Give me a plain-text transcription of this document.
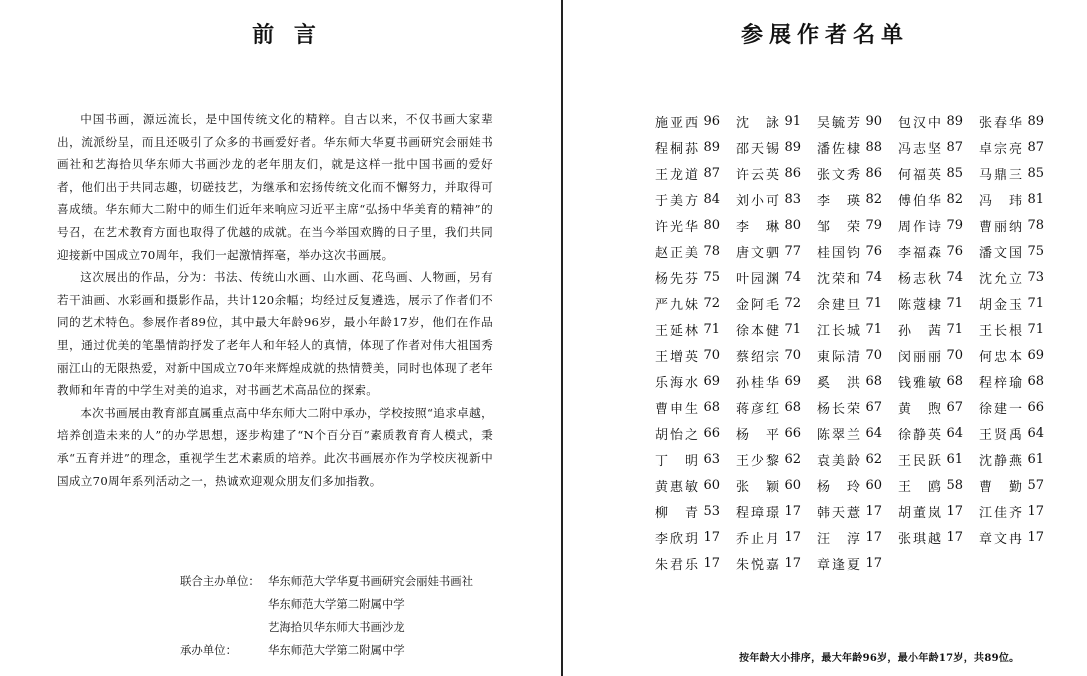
前 言

中国书画，源远流长，是中国传统文化的精粹。自古以来，不仅书画大家辈出，流派纷呈，而且还吸引了众多的书画爱好者。华东师大华夏书画研究会丽娃书画社和艺海拾贝华东师大书画沙龙的老年朋友们，就是这样一批中国书画的爱好者，他们出于共同志趣，切磋技艺，为继承和宏扬传统文化而不懈努力，并取得可喜成绩。华东师大二附中的师生们近年来响应习近平主席“弘扬中华美育的精神”的号召，在艺术教育方面也取得了优越的成就。在当今举国欢腾的日子里，我们共同迎接新中国成立70周年，我们一起激情挥毫，举办这次书画展。

这次展出的作品，分为：书法、传统山水画、山水画、花鸟画、人物画，另有若干油画、水彩画和摄影作品，共计120余幅；均经过反复遴选，展示了作者们不同的艺术特色。参展作者89位，其中最大年龄96岁，最小年龄17岁，他们在作品里，通过优美的笔墨情韵抒发了老年人和年轻人的真情，体现了作者对伟大祖国秀丽江山的无限热爱，对新中国成立70年来辉煌成就的热情赞美，同时也体现了老年教师和年青的中学生对美的追求，对书画艺术高品位的探索。

本次书画展由教育部直属重点高中华东师大二附中承办，学校按照“追求卓越，培养创造未来的人”的办学思想，逐步构建了“N个百分百”素质教育育人模式，秉承“五育并进”的理念，重视学生艺术素质的培养。此次书画展亦作为学校庆视新中国成立70周年系列活动之一，热诚欢迎观众朋友们多加指教。

联合主办单位： 华东师范大学华夏书画研究会丽娃书画社
华东师范大学第二附属中学
艺海拾贝华东师大书画沙龙
承办单位：	华东师范大学第二附属中学
参展作者名单
施亚西 96 沈　詠 91 吴毓芳 90 包汉中 89 张春华 89
程桐荪 89 邵天锡 89 潘佐棣 88 冯志坚 87 卓宗亮 87
王龙道 87 许云英 86 张文秀 86 何福英 85 马鼎三 85
于美方 84 刘小可 83 李　瑛 82 傅伯华 82 冯　玮 81
许光华 80 李　琳 80 邹　荣 79 周作诗 79 曹丽纳 78
赵正美 78 唐文驷 77 桂国钧 76 李福森 76 潘文国 75
杨先芬 75 叶园渊 74 沈荣和 74 杨志秋 74 沈允立 73
严九妹 72 金阿毛 72 余建旦 71 陈蔻棣 71 胡金玉 71
王延林 71 徐本健 71 江长城 71 孙　茜 71 王长根 71
王增英 70 蔡绍宗 70 東际清 70 闵丽丽 70 何忠本 69
乐海水 69 孙桂华 69 奚　洪 68 钱雅敏 68 程梓瑜 68
曹申生 68 蒋彦红 68 杨长荣 67 黄　煦 67 徐建一 66
胡怡之 66 杨　平 66 陈翠兰 64 徐静英 64 王贤禹 64
丁　明 63 王少黎 62 袁美龄 62 王民跃 61 沈静燕 61
黄惠敏 60 张　颖 60 杨　玲 60 王　鸥 58 曹　勤 57
柳　青 53 程璋璟 17 韩天薏 17 胡董岚 17 江佳齐 17
李欣玥 17 乔止月 17 汪　淳 17 张琪越 17 章文冉 17
朱君乐 17 朱悦嘉 17 章逢夏 17
按年龄大小排序，最大年龄96岁，最小年龄17岁，共89位。
